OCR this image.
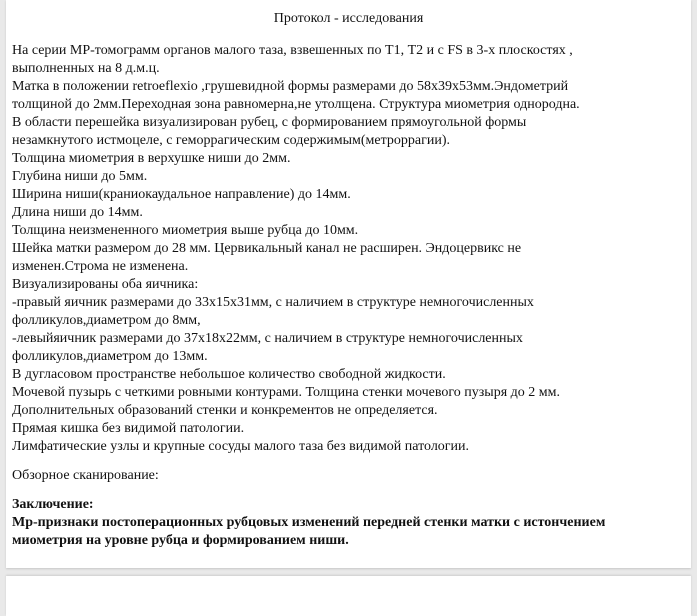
Протокол - исследования
На серии МР-томограмм органов малого таза, взвешенных по Т1, Т2 и с FS в 3-х плоскостях ,
выполненных на 8 д.м.ц.
Матка в положении retroeflexio ,грушевидной формы размерами до 58x39x53мм.Эндометрий
толщиной до 2мм.Переходная зона равномерна,не утолщена. Структура миометрия однородна.
В области перешейка визуализирован рубец, с формированием прямоугольной формы
незамкнутого истмоцеле, с геморрагическим содержимым(метроррагии).
Толщина миометрия в верхушке ниши до 2мм.
Глубина ниши до 5мм.
Ширина ниши(краниокаудальное направление) до 14мм.
Длина ниши до 14мм.
Толщина неизмененного миометрия выше рубца до 10мм.
Шейка матки размером до 28 мм. Цервикальный канал не расширен. Эндоцервикс не
изменен.Строма не изменена.
Визуализированы оба яичника:
-правый яичник размерами до 33x15x31мм, с наличием в структуре немногочисленных
фолликулов,диаметром до 8мм,
-левыйяичник размерами до 37x18x22мм, с наличием в структуре немногочисленных
фолликулов,диаметром до 13мм.
В дугласовом пространстве небольшое количество свободной жидкости.
Мочевой пузырь с четкими ровными контурами. Толщина стенки мочевого пузыря до 2 мм.
Дополнительных образований стенки и конкрементов не определяется.
Прямая кишка без видимой патологии.
Лимфатические узлы и крупные сосуды малого таза без видимой патологии.
Обзорное сканирование:
Заключение:
Мр-признаки постоперационных рубцовых изменений передней стенки матки с истончением
миометрия на уровне рубца и формированием ниши.
